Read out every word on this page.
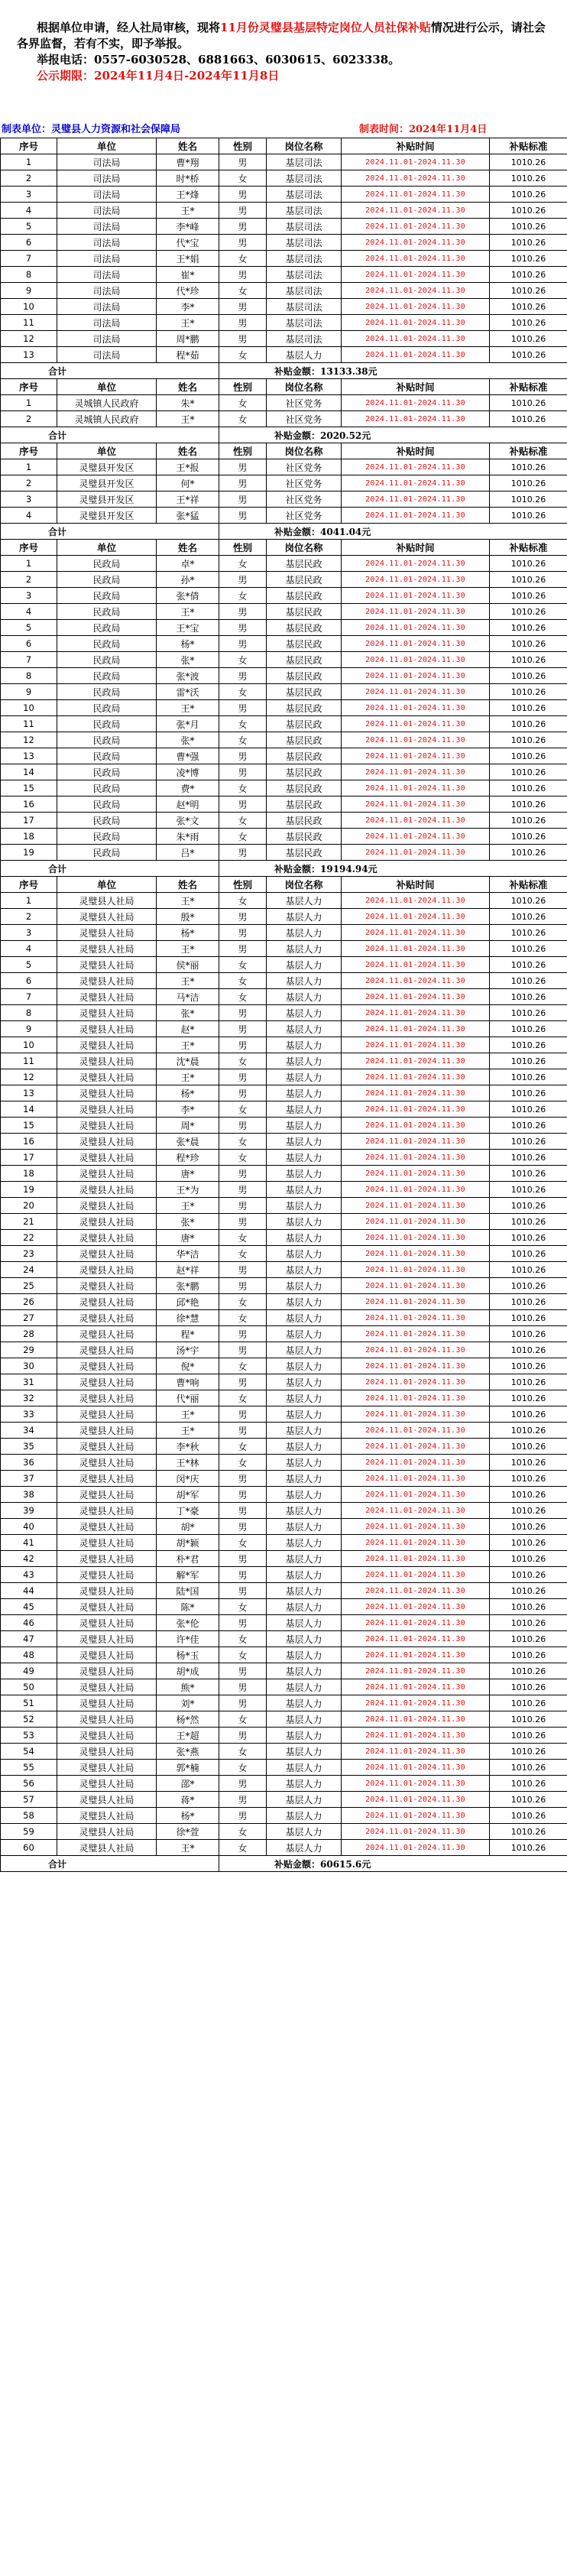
根据单位申请，经人社局审核，现将11月份灵璧县基层特定岗位人员社保补贴情况进行公示，请社会各界监督，若有不实，即予举报。

举报电话：0557-6030528、6881663、6030615、6023338。

公示期限：2024年11月4日-2024年11月8日

制表单位：灵璧县人力资源和社会保障局	制表时间：2024年11月4日
序号	单位	姓名	性别	岗位名称	补贴时间	补贴标准
1	司法局	曹*翔	男	基层司法	2024.11.01-2024.11.30	1010.26
2	司法局	时*桥	女	基层司法	2024.11.01-2024.11.30	1010.26
3	司法局	王*烽	男	基层司法	2024.11.01-2024.11.30	1010.26
4	司法局	王*	男	基层司法	2024.11.01-2024.11.30	1010.26
5	司法局	李*峰	男	基层司法	2024.11.01-2024.11.30	1010.26
6	司法局	代*宝	男	基层司法	2024.11.01-2024.11.30	1010.26
7	司法局	王*娟	女	基层司法	2024.11.01-2024.11.30	1010.26
8	司法局	崔*	男	基层司法	2024.11.01-2024.11.30	1010.26
9	司法局	代*珍	女	基层司法	2024.11.01-2024.11.30	1010.26
10	司法局	李*	男	基层司法	2024.11.01-2024.11.30	1010.26
11	司法局	王*	男	基层司法	2024.11.01-2024.11.30	1010.26
12	司法局	周*鹏	男	基层司法	2024.11.01-2024.11.30	1010.26
13	司法局	程*茹	女	基层人力	2024.11.01-2024.11.30	1010.26
合计			补贴金额：13133.38元			
序号	单位	姓名	性别	岗位名称	补贴时间	补贴标准
1	灵城镇人民政府	朱*	女	社区党务	2024.11.01-2024.11.30	1010.26
2	灵城镇人民政府	王*	女	社区党务	2024.11.01-2024.11.30	1010.26
合计			补贴金额：2020.52元			
序号	单位	姓名	性别	岗位名称	补贴时间	补贴标准
1	灵璧县开发区	王*报	男	社区党务	2024.11.01-2024.11.30	1010.26
2	灵璧县开发区	何*	男	社区党务	2024.11.01-2024.11.30	1010.26
3	灵璧县开发区	王*祥	男	社区党务	2024.11.01-2024.11.30	1010.26
4	灵璧县开发区	张*猛	男	社区党务	2024.11.01-2024.11.30	1010.26
合计			补贴金额：4041.04元			
序号	单位	姓名	性别	岗位名称	补贴时间	补贴标准
1	民政局	卓*	女	基层民政	2024.11.01-2024.11.30	1010.26
2	民政局	孙*	男	基层民政	2024.11.01-2024.11.30	1010.26
3	民政局	张*倩	女	基层民政	2024.11.01-2024.11.30	1010.26
4	民政局	王*	男	基层民政	2024.11.01-2024.11.30	1010.26
5	民政局	王*宝	男	基层民政	2024.11.01-2024.11.30	1010.26
6	民政局	杨*	男	基层民政	2024.11.01-2024.11.30	1010.26
7	民政局	张*	女	基层民政	2024.11.01-2024.11.30	1010.26
8	民政局	张*波	男	基层民政	2024.11.01-2024.11.30	1010.26
9	民政局	雷*沃	女	基层民政	2024.11.01-2024.11.30	1010.26
10	民政局	王*	男	基层民政	2024.11.01-2024.11.30	1010.26
11	民政局	张*月	女	基层民政	2024.11.01-2024.11.30	1010.26
12	民政局	张*	女	基层民政	2024.11.01-2024.11.30	1010.26
13	民政局	曹*强	男	基层民政	2024.11.01-2024.11.30	1010.26
14	民政局	凌*博	男	基层民政	2024.11.01-2024.11.30	1010.26
15	民政局	费*	女	基层民政	2024.11.01-2024.11.30	1010.26
16	民政局	赵*明	男	基层民政	2024.11.01-2024.11.30	1010.26
17	民政局	张*文	女	基层民政	2024.11.01-2024.11.30	1010.26
18	民政局	朱*雨	女	基层民政	2024.11.01-2024.11.30	1010.26
19	民政局	吕*	男	基层民政	2024.11.01-2024.11.30	1010.26
合计			补贴金额：19194.94元			
序号	单位	姓名	性别	岗位名称	补贴时间	补贴标准
1	灵璧县人社局	王*	女	基层人力	2024.11.01-2024.11.30	1010.26
2	灵璧县人社局	殷*	男	基层人力	2024.11.01-2024.11.30	1010.26
3	灵璧县人社局	杨*	男	基层人力	2024.11.01-2024.11.30	1010.26
4	灵璧县人社局	王*	男	基层人力	2024.11.01-2024.11.30	1010.26
5	灵璧县人社局	侯*丽	女	基层人力	2024.11.01-2024.11.30	1010.26
6	灵璧县人社局	王*	女	基层人力	2024.11.01-2024.11.30	1010.26
7	灵璧县人社局	马*洁	女	基层人力	2024.11.01-2024.11.30	1010.26
8	灵璧县人社局	张*	男	基层人力	2024.11.01-2024.11.30	1010.26
9	灵璧县人社局	赵*	男	基层人力	2024.11.01-2024.11.30	1010.26
10	灵璧县人社局	王*	男	基层人力	2024.11.01-2024.11.30	1010.26
11	灵璧县人社局	沈*晨	女	基层人力	2024.11.01-2024.11.30	1010.26
12	灵璧县人社局	王*	男	基层人力	2024.11.01-2024.11.30	1010.26
13	灵璧县人社局	杨*	男	基层人力	2024.11.01-2024.11.30	1010.26
14	灵璧县人社局	李*	女	基层人力	2024.11.01-2024.11.30	1010.26
15	灵璧县人社局	周*	男	基层人力	2024.11.01-2024.11.30	1010.26
16	灵璧县人社局	张*晨	女	基层人力	2024.11.01-2024.11.30	1010.26
17	灵璧县人社局	程*珍	女	基层人力	2024.11.01-2024.11.30	1010.26
18	灵璧县人社局	唐*	男	基层人力	2024.11.01-2024.11.30	1010.26
19	灵璧县人社局	王*为	男	基层人力	2024.11.01-2024.11.30	1010.26
20	灵璧县人社局	王*	男	基层人力	2024.11.01-2024.11.30	1010.26
21	灵璧县人社局	张*	男	基层人力	2024.11.01-2024.11.30	1010.26
22	灵璧县人社局	唐*	女	基层人力	2024.11.01-2024.11.30	1010.26
23	灵璧县人社局	华*洁	女	基层人力	2024.11.01-2024.11.30	1010.26
24	灵璧县人社局	赵*祥	男	基层人力	2024.11.01-2024.11.30	1010.26
25	灵璧县人社局	张*鹏	男	基层人力	2024.11.01-2024.11.30	1010.26
26	灵璧县人社局	邱*艳	女	基层人力	2024.11.01-2024.11.30	1010.26
27	灵璧县人社局	徐*慧	女	基层人力	2024.11.01-2024.11.30	1010.26
28	灵璧县人社局	程*	男	基层人力	2024.11.01-2024.11.30	1010.26
29	灵璧县人社局	汤*宇	男	基层人力	2024.11.01-2024.11.30	1010.26
30	灵璧县人社局	倪*	女	基层人力	2024.11.01-2024.11.30	1010.26
31	灵璧县人社局	曹*响	男	基层人力	2024.11.01-2024.11.30	1010.26
32	灵璧县人社局	代*丽	女	基层人力	2024.11.01-2024.11.30	1010.26
33	灵璧县人社局	王*	男	基层人力	2024.11.01-2024.11.30	1010.26
34	灵璧县人社局	王*	男	基层人力	2024.11.01-2024.11.30	1010.26
35	灵璧县人社局	李*秋	女	基层人力	2024.11.01-2024.11.30	1010.26
36	灵璧县人社局	王*林	女	基层人力	2024.11.01-2024.11.30	1010.26
37	灵璧县人社局	闵*庆	男	基层人力	2024.11.01-2024.11.30	1010.26
38	灵璧县人社局	胡*军	男	基层人力	2024.11.01-2024.11.30	1010.26
39	灵璧县人社局	丁*豪	男	基层人力	2024.11.01-2024.11.30	1010.26
40	灵璧县人社局	胡*	男	基层人力	2024.11.01-2024.11.30	1010.26
41	灵璧县人社局	胡*颖	女	基层人力	2024.11.01-2024.11.30	1010.26
42	灵璧县人社局	朴*君	男	基层人力	2024.11.01-2024.11.30	1010.26
43	灵璧县人社局	解*军	男	基层人力	2024.11.01-2024.11.30	1010.26
44	灵璧县人社局	陆*国	男	基层人力	2024.11.01-2024.11.30	1010.26
45	灵璧县人社局	陈*	女	基层人力	2024.11.01-2024.11.30	1010.26
46	灵璧县人社局	张*伦	男	基层人力	2024.11.01-2024.11.30	1010.26
47	灵璧县人社局	许*佳	女	基层人力	2024.11.01-2024.11.30	1010.26
48	灵璧县人社局	杨*玉	女	基层人力	2024.11.01-2024.11.30	1010.26
49	灵璧县人社局	胡*成	男	基层人力	2024.11.01-2024.11.30	1010.26
50	灵璧县人社局	熊*	男	基层人力	2024.11.01-2024.11.30	1010.26
51	灵璧县人社局	刘*	男	基层人力	2024.11.01-2024.11.30	1010.26
52	灵璧县人社局	杨*然	女	基层人力	2024.11.01-2024.11.30	1010.26
53	灵璧县人社局	王*超	男	基层人力	2024.11.01-2024.11.30	1010.26
54	灵璧县人社局	张*燕	女	基层人力	2024.11.01-2024.11.30	1010.26
55	灵璧县人社局	郭*楠	女	基层人力	2024.11.01-2024.11.30	1010.26
56	灵璧县人社局	邵*	男	基层人力	2024.11.01-2024.11.30	1010.26
57	灵璧县人社局	蒋*	男	基层人力	2024.11.01-2024.11.30	1010.26
58	灵璧县人社局	杨*	男	基层人力	2024.11.01-2024.11.30	1010.26
59	灵璧县人社局	徐*萱	女	基层人力	2024.11.01-2024.11.30	1010.26
60	灵璧县人社局	王*	女	基层人力	2024.11.01-2024.11.30	1010.26
合计			补贴金额：60615.6元			
